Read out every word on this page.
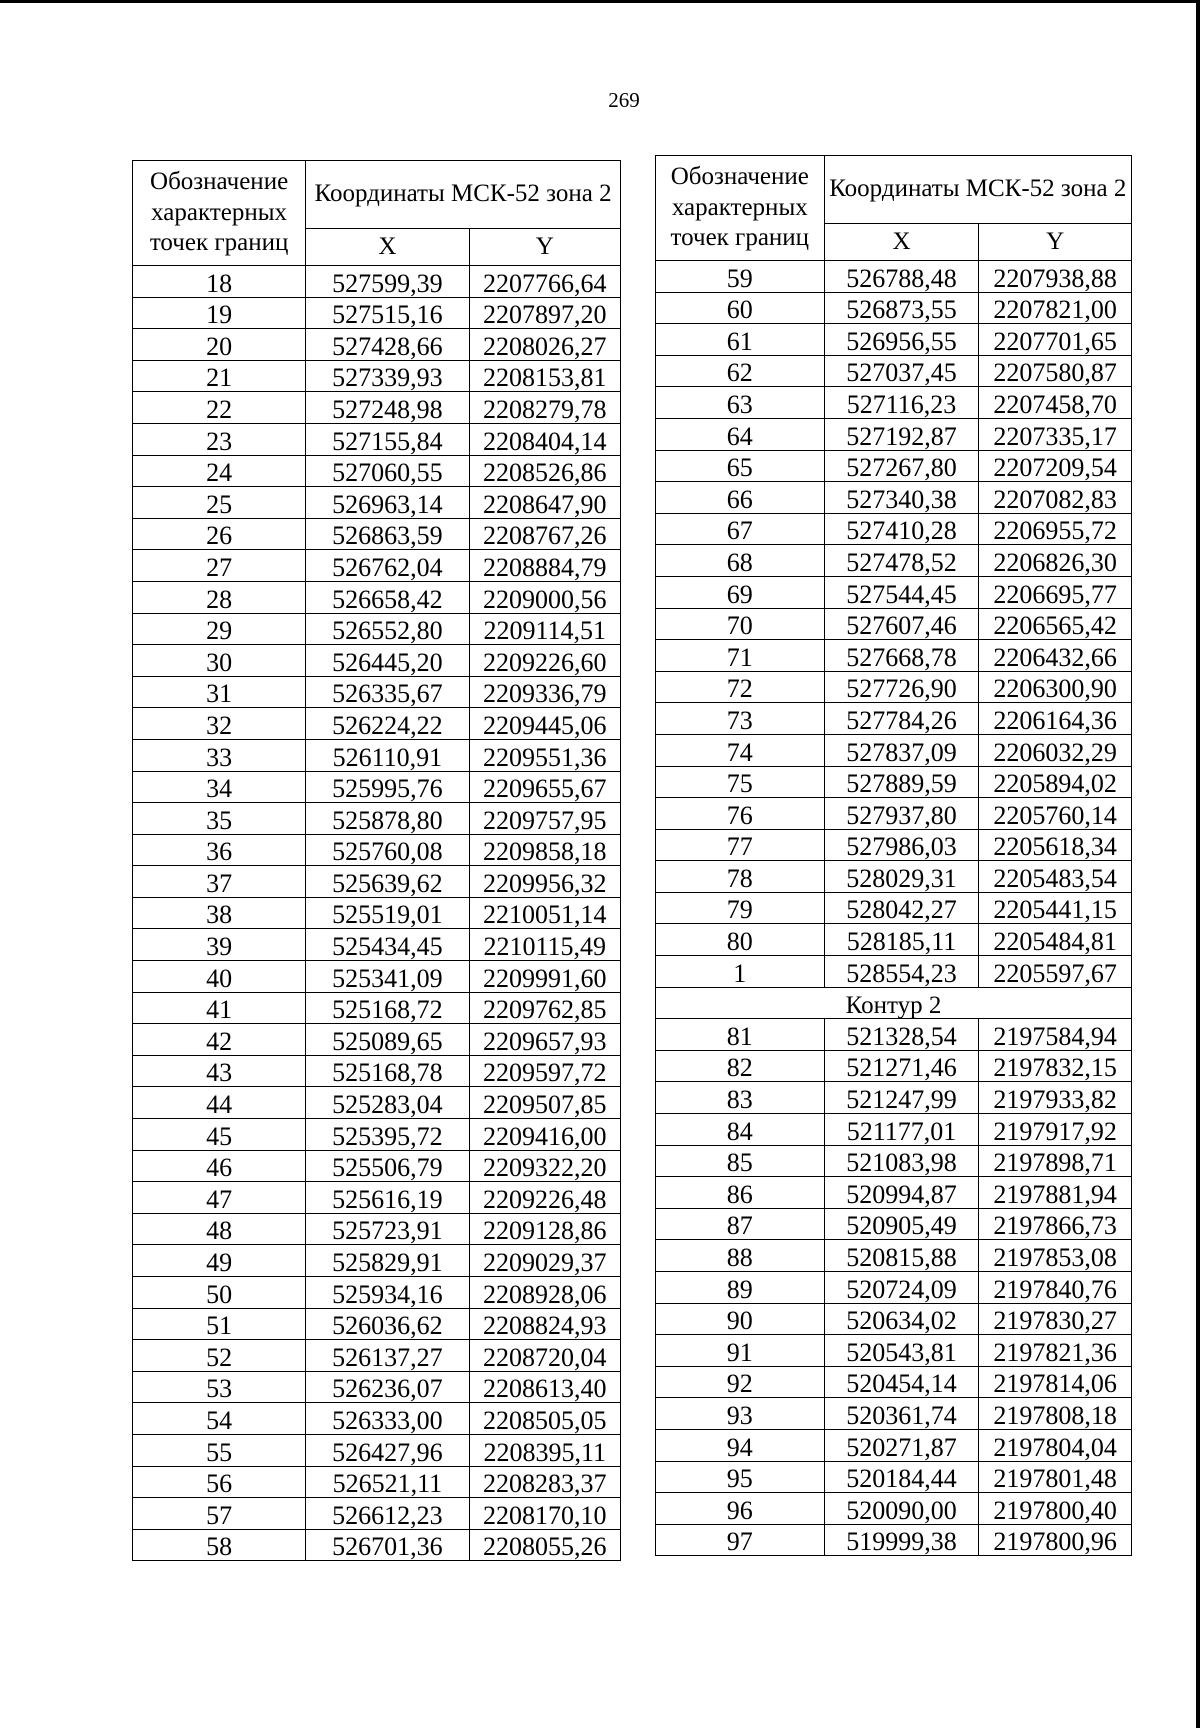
269
Обозначение характерных точек границ	Координаты МСК-52 зона 2	
	X	Y
18	527599,39	2207766,64
19	527515,16	2207897,20
20	527428,66	2208026,27
21	527339,93	2208153,81
22	527248,98	2208279,78
23	527155,84	2208404,14
24	527060,55	2208526,86
25	526963,14	2208647,90
26	526863,59	2208767,26
27	526762,04	2208884,79
28	526658,42	2209000,56
29	526552,80	2209114,51
30	526445,20	2209226,60
31	526335,67	2209336,79
32	526224,22	2209445,06
33	526110,91	2209551,36
34	525995,76	2209655,67
35	525878,80	2209757,95
36	525760,08	2209858,18
37	525639,62	2209956,32
38	525519,01	2210051,14
39	525434,45	2210115,49
40	525341,09	2209991,60
41	525168,72	2209762,85
42	525089,65	2209657,93
43	525168,78	2209597,72
44	525283,04	2209507,85
45	525395,72	2209416,00
46	525506,79	2209322,20
47	525616,19	2209226,48
48	525723,91	2209128,86
49	525829,91	2209029,37
50	525934,16	2208928,06
51	526036,62	2208824,93
52	526137,27	2208720,04
53	526236,07	2208613,40
54	526333,00	2208505,05
55	526427,96	2208395,11
56	526521,11	2208283,37
57	526612,23	2208170,10
58	526701,36	2208055,26
Обозначение характерных точек границ	Координаты МСК-52 зона 2	
	X	Y
59	526788,48	2207938,88
60	526873,55	2207821,00
61	526956,55	2207701,65
62	527037,45	2207580,87
63	527116,23	2207458,70
64	527192,87	2207335,17
65	527267,80	2207209,54
66	527340,38	2207082,83
67	527410,28	2206955,72
68	527478,52	2206826,30
69	527544,45	2206695,77
70	527607,46	2206565,42
71	527668,78	2206432,66
72	527726,90	2206300,90
73	527784,26	2206164,36
74	527837,09	2206032,29
75	527889,59	2205894,02
76	527937,80	2205760,14
77	527986,03	2205618,34
78	528029,31	2205483,54
79	528042,27	2205441,15
80	528185,11	2205484,81
1	528554,23	2205597,67
Контур 2		
81	521328,54	2197584,94
82	521271,46	2197832,15
83	521247,99	2197933,82
84	521177,01	2197917,92
85	521083,98	2197898,71
86	520994,87	2197881,94
87	520905,49	2197866,73
88	520815,88	2197853,08
89	520724,09	2197840,76
90	520634,02	2197830,27
91	520543,81	2197821,36
92	520454,14	2197814,06
93	520361,74	2197808,18
94	520271,87	2197804,04
95	520184,44	2197801,48
96	520090,00	2197800,40
97	519999,38	2197800,96
